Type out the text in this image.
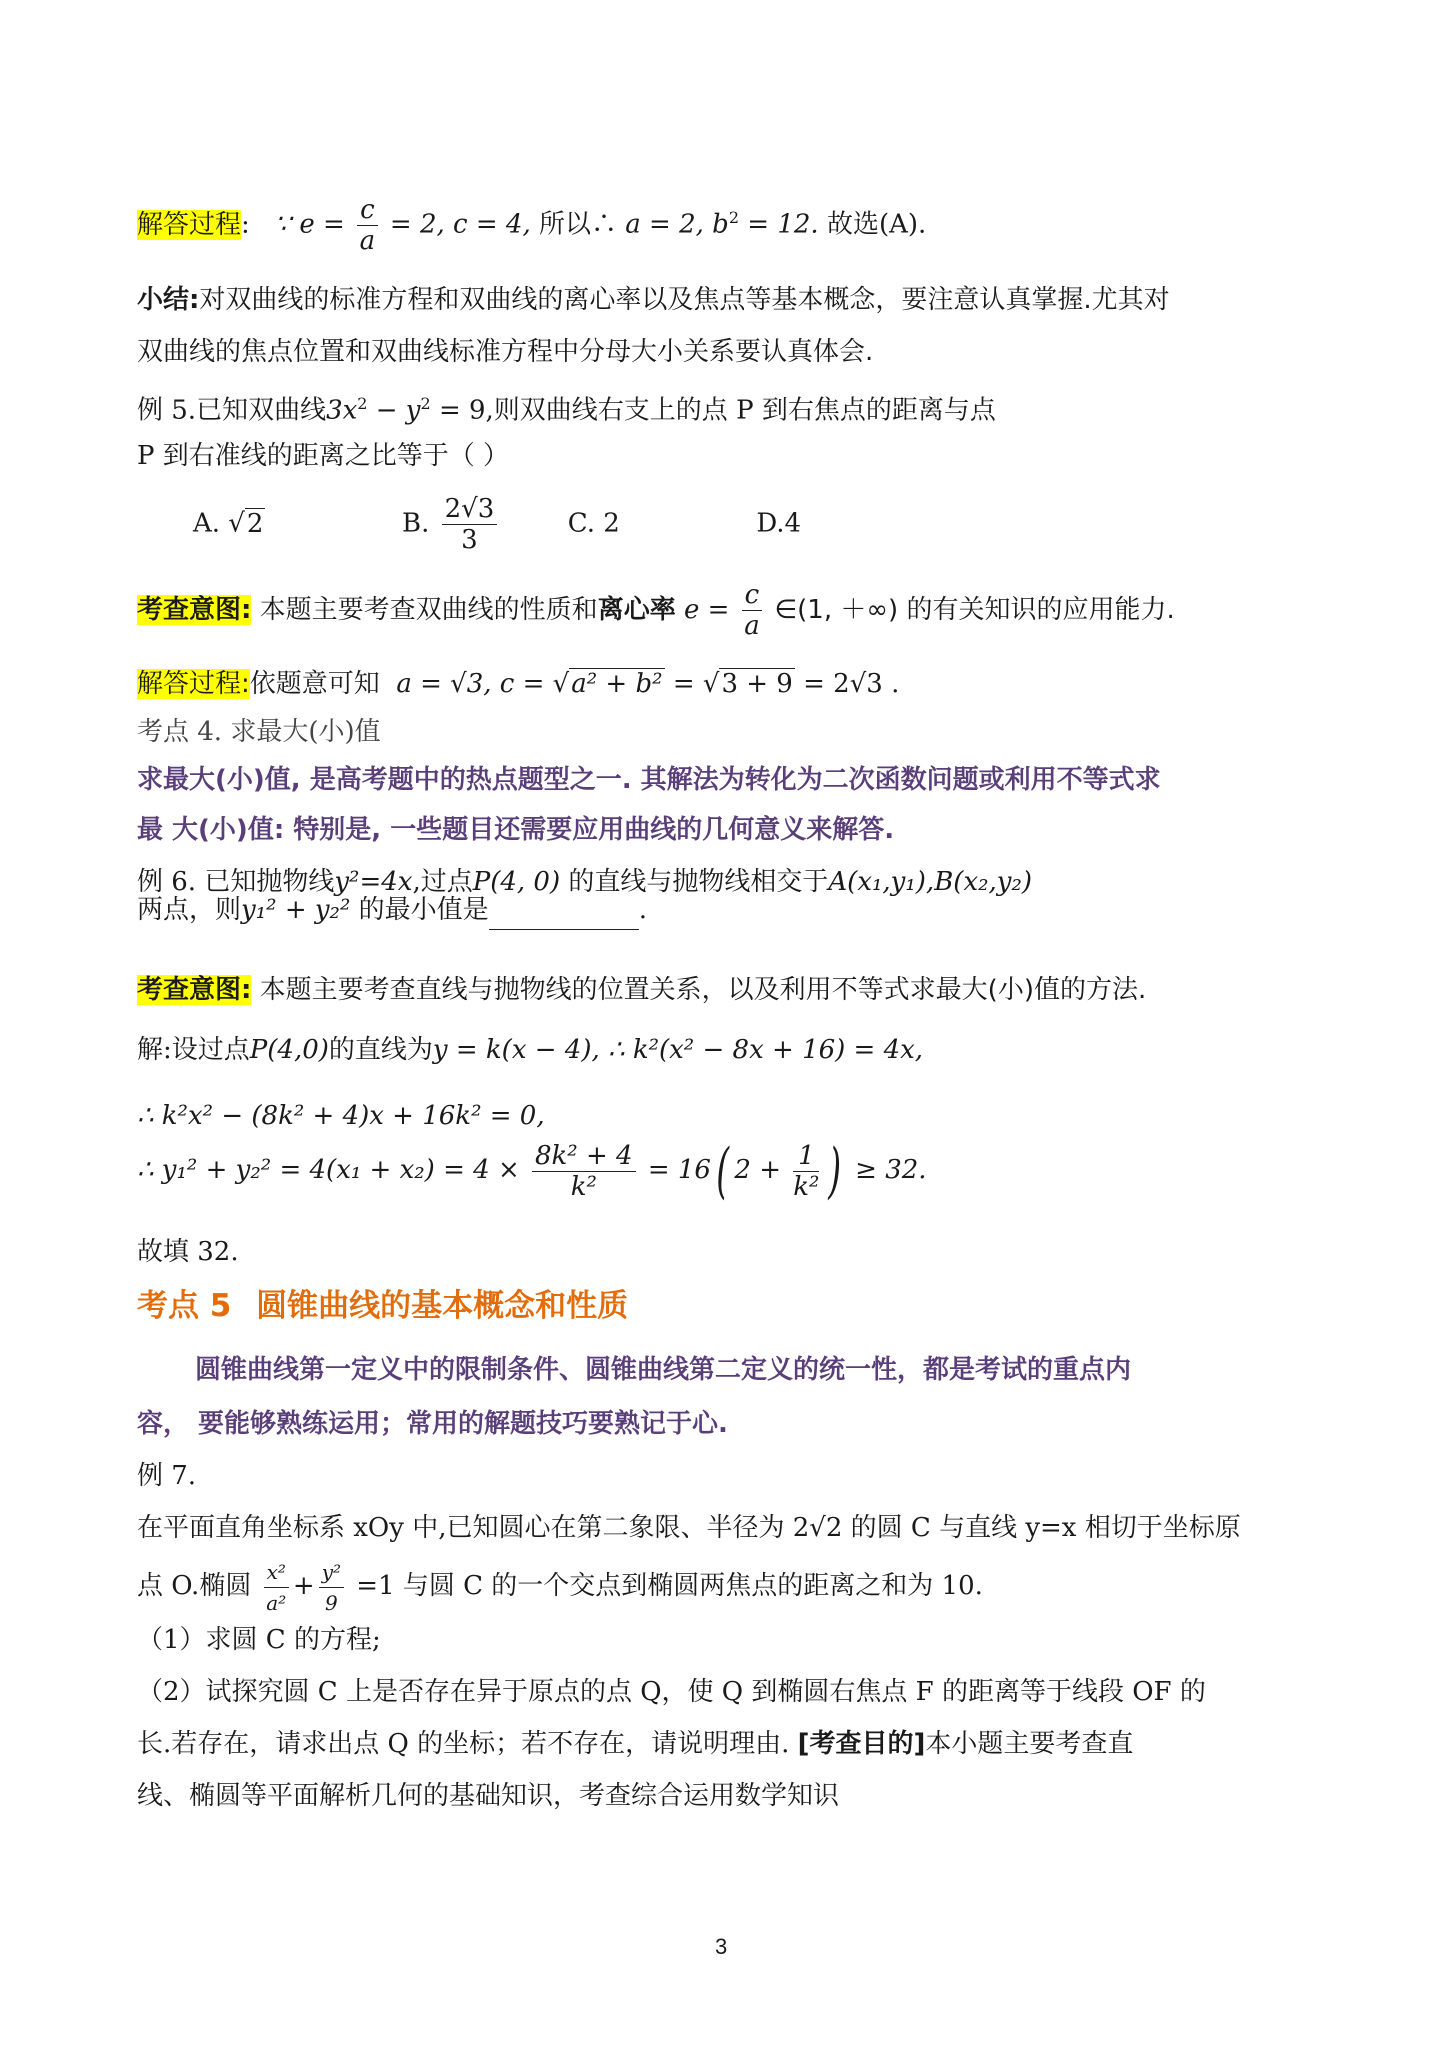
解答过程: ∵ $e = \frac{c}{a} = 2$, c = 4, 所以∴ a = 2, $b^2 = 12$. 故选(A).
小结:对双曲线的标准方程和双曲线的离心率以及焦点等基本概念，要注意认真掌握.尤其对
双曲线的焦点位置和双曲线标准方程中分母大小关系要认真体会.
例 5.已知双曲线$3x^2 - y^2 = 9$,则双曲线右支上的点 P 到右焦点的距离与点
P 到右准线的距离之比等于（ ）
A. √2	B. $\frac{2√3}{3}$	C. 2	D.4
考查意图: 本题主要考查双曲线的性质和离心率 $e = \frac{c}{a}$ ∈(1, ＋∞) 的有关知识的应用能力.
解答过程:依题意可知 a = √3, c = √a² + b² = √3 + 9 = 2√3 .
考点 4. 求最大(小)值
求最大(小)值, 是高考题中的热点题型之一. 其解法为转化为二次函数问题或利用不等式求
最 大(小)值: 特别是, 一些题目还需要应用曲线的几何意义来解答.
例 6. 已知抛物线y²=4x,过点P(4, 0) 的直线与抛物线相交于A(x₁,y₁),B(x₂,y₂)
两点，则y₁² + y₂² 的最小值是	.
考查意图: 本题主要考查直线与抛物线的位置关系，以及利用不等式求最大(小)值的方法.
解:设过点P(4,0)的直线为y = k(x − 4), ∴ k²(x² − 8x + 16) = 4x,
∴ k²x² − (8k² + 4)x + 16k² = 0,
∴ $y_1^2 + y_2^2 = 4(x_1 + x_2) = 4 \times \frac{\text{8k² + 4}}{\text{k²}} = 16$( $2 + \frac{1}{\text{k²}}$ ) ≥ 32.
故填 32.
考点 5 圆锥曲线的基本概念和性质
圆锥曲线第一定义中的限制条件、圆锥曲线第二定义的统一性，都是考试的重点内
容， 要能够熟练运用；常用的解题技巧要熟记于心.
例 7.
在平面直角坐标系 xOy 中,已知圆心在第二象限、半径为 2√2 的圆 C 与直线 y=x 相切于坐标原
点 O.椭圆 $\frac{\text{x²}}{\text{a²}} + \frac{\text{y²}}{9} =1$ 与圆 C 的一个交点到椭圆两焦点的距离之和为 10.
（1）求圆 C 的方程;
（2）试探究圆 C 上是否存在异于原点的点 Q，使 Q 到椭圆右焦点 F 的距离等于线段 OF 的
长.若存在，请求出点 Q 的坐标；若不存在，请说明理由. [考查目的]本小题主要考查直
线、椭圆等平面解析几何的基础知识，考查综合运用数学知识
3
